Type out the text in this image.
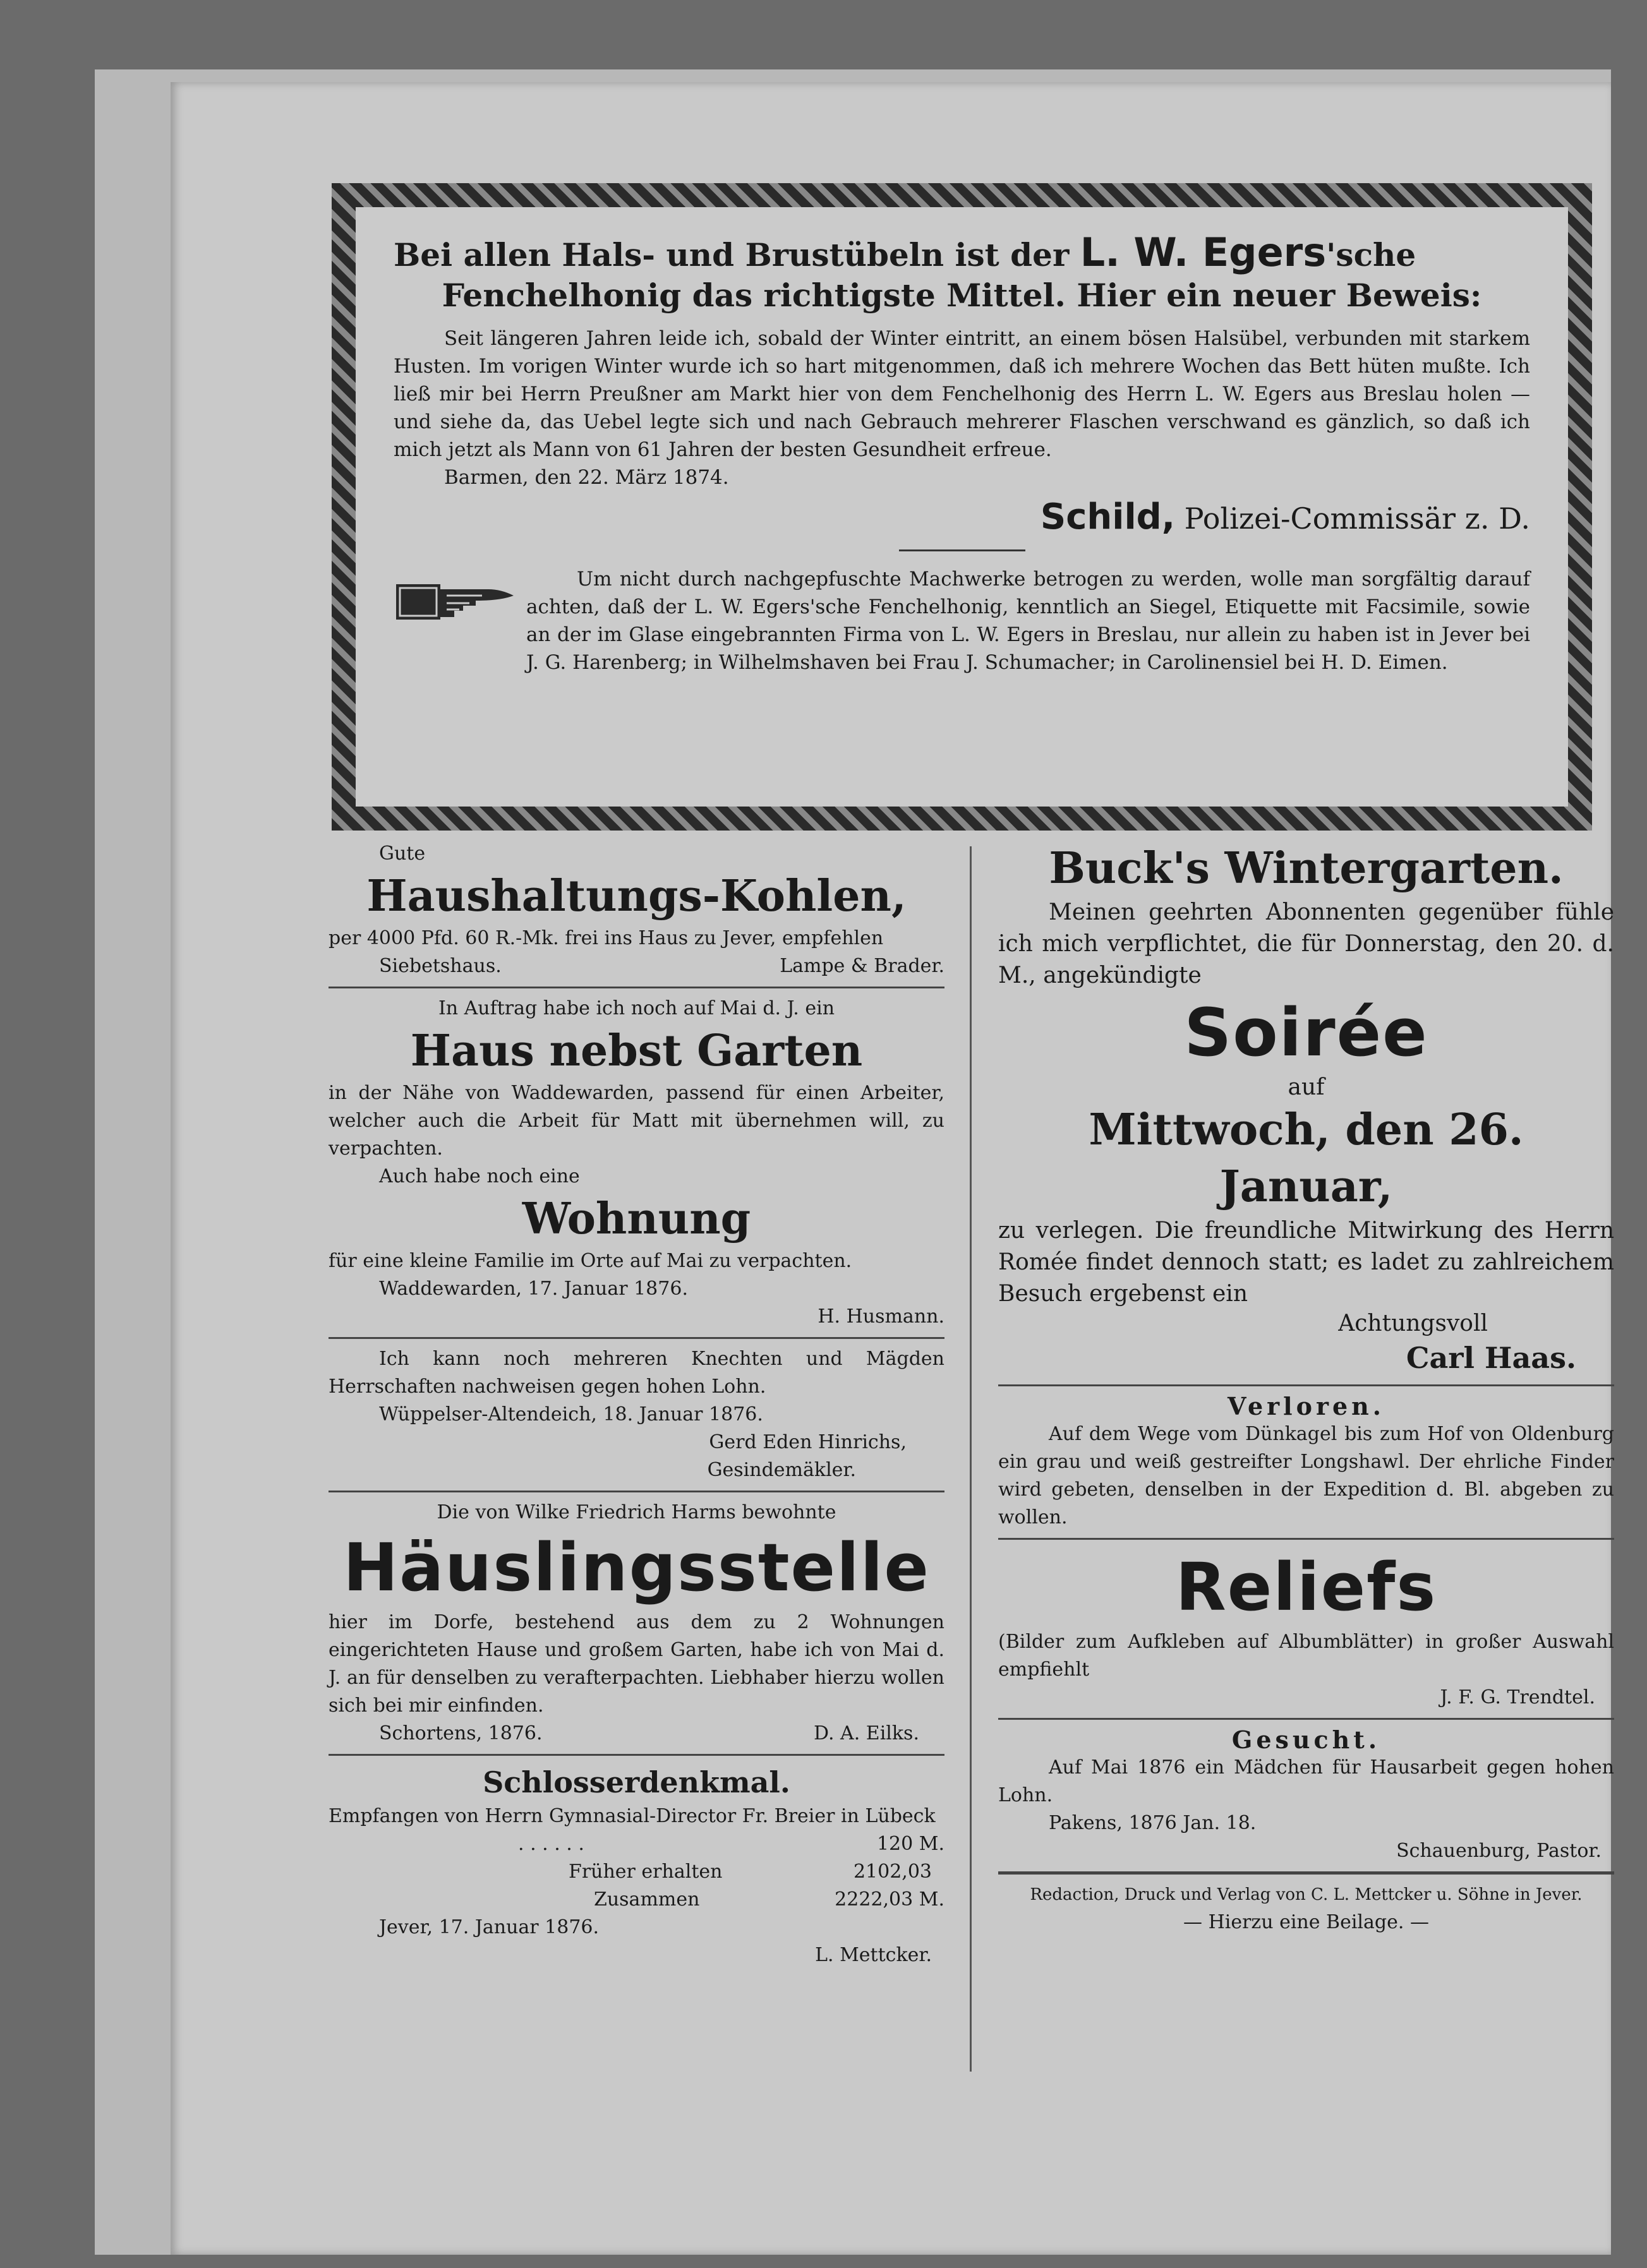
Bei allen Hals- und Brustübeln ist der L. W. Egers'sche
Fenchelhonig das richtigste Mittel. Hier ein neuer Beweis:

Seit längeren Jahren leide ich, sobald der Winter eintritt, an einem bösen Halsübel, verbunden mit starkem Husten. Im vorigen Winter wurde ich so hart mitgenommen, daß ich mehrere Wochen das Bett hüten mußte. Ich ließ mir bei Herrn Preußner am Markt hier von dem Fenchelhonig des Herrn L. W. Egers aus Breslau holen — und siehe da, das Uebel legte sich und nach Gebrauch mehrerer Flaschen verschwand es gänzlich, so daß ich mich jetzt als Mann von 61 Jahren der besten Gesundheit erfreue.

Barmen, den 22. März 1874.

Schild, Polizei-Commissär z. D.

Um nicht durch nachgepfuschte Machwerke betrogen zu werden, wolle man sorgfältig darauf achten, daß der L. W. Egers'sche Fenchelhonig, kenntlich an Siegel, Etiquette mit Facsimile, sowie an der im Glase eingebrannten Firma von L. W. Egers in Breslau, nur allein zu haben ist in Jever bei J. G. Harenberg; in Wilhelmshaven bei Frau J. Schumacher; in Carolinensiel bei H. D. Eimen.

Gute

Haushaltungs-Kohlen,

per 4000 Pfd. 60 R.-Mk. frei ins Haus zu Jever, empfehlen

Siebetshaus.	Lampe & Brader.

In Auftrag habe ich noch auf Mai d. J. ein

Haus nebst Garten

in der Nähe von Waddewarden, passend für einen Arbeiter, welcher auch die Arbeit für Matt mit übernehmen will, zu verpachten.

Auch habe noch eine

Wohnung

für eine kleine Familie im Orte auf Mai zu verpachten.

Waddewarden, 17. Januar 1876.

H. Husmann.

Ich kann noch mehreren Knechten und Mägden Herrschaften nachweisen gegen hohen Lohn.

Wüppelser-Altendeich, 18. Januar 1876.

Gerd Eden Hinrichs,

Gesindemäkler.

Die von Wilke Friedrich Harms bewohnte

Häuslingsstelle

hier im Dorfe, bestehend aus dem zu 2 Wohnungen eingerichteten Hause und großem Garten, habe ich von Mai d. J. an für denselben zu verafterpachten. Liebhaber hierzu wollen sich bei mir einfinden.

Schortens, 1876.	D. A. Eilks.

Schlosserdenkmal.

Empfangen von Herrn Gymnasial-Director Fr. Breier in Lübeck

. . . . . .	120 M.
Früher erhalten	2102,03
Zusammen	2222,03 M.

Jever, 17. Januar 1876.

L. Mettcker.

Buck's Wintergarten.

Meinen geehrten Abonnenten gegenüber fühle ich mich verpflichtet, die für Donnerstag, den 20. d. M., angekündigte

Soirée

auf

Mittwoch, den 26. Januar,

zu verlegen. Die freundliche Mitwirkung des Herrn Romée findet dennoch statt; es ladet zu zahlreichem Besuch ergebenst ein

Achtungsvoll

Carl Haas.

Verloren.

Auf dem Wege vom Dünkagel bis zum Hof von Oldenburg ein grau und weiß gestreifter Longshawl. Der ehrliche Finder wird gebeten, denselben in der Expedition d. Bl. abgeben zu wollen.

Reliefs

(Bilder zum Aufkleben auf Albumblätter) in großer Auswahl empfiehlt

J. F. G. Trendtel.

Gesucht.

Auf Mai 1876 ein Mädchen für Hausarbeit gegen hohen Lohn.

Pakens, 1876 Jan. 18.

Schauenburg, Pastor.

Redaction, Druck und Verlag von C. L. Mettcker u. Söhne in Jever.

— Hierzu eine Beilage. —
